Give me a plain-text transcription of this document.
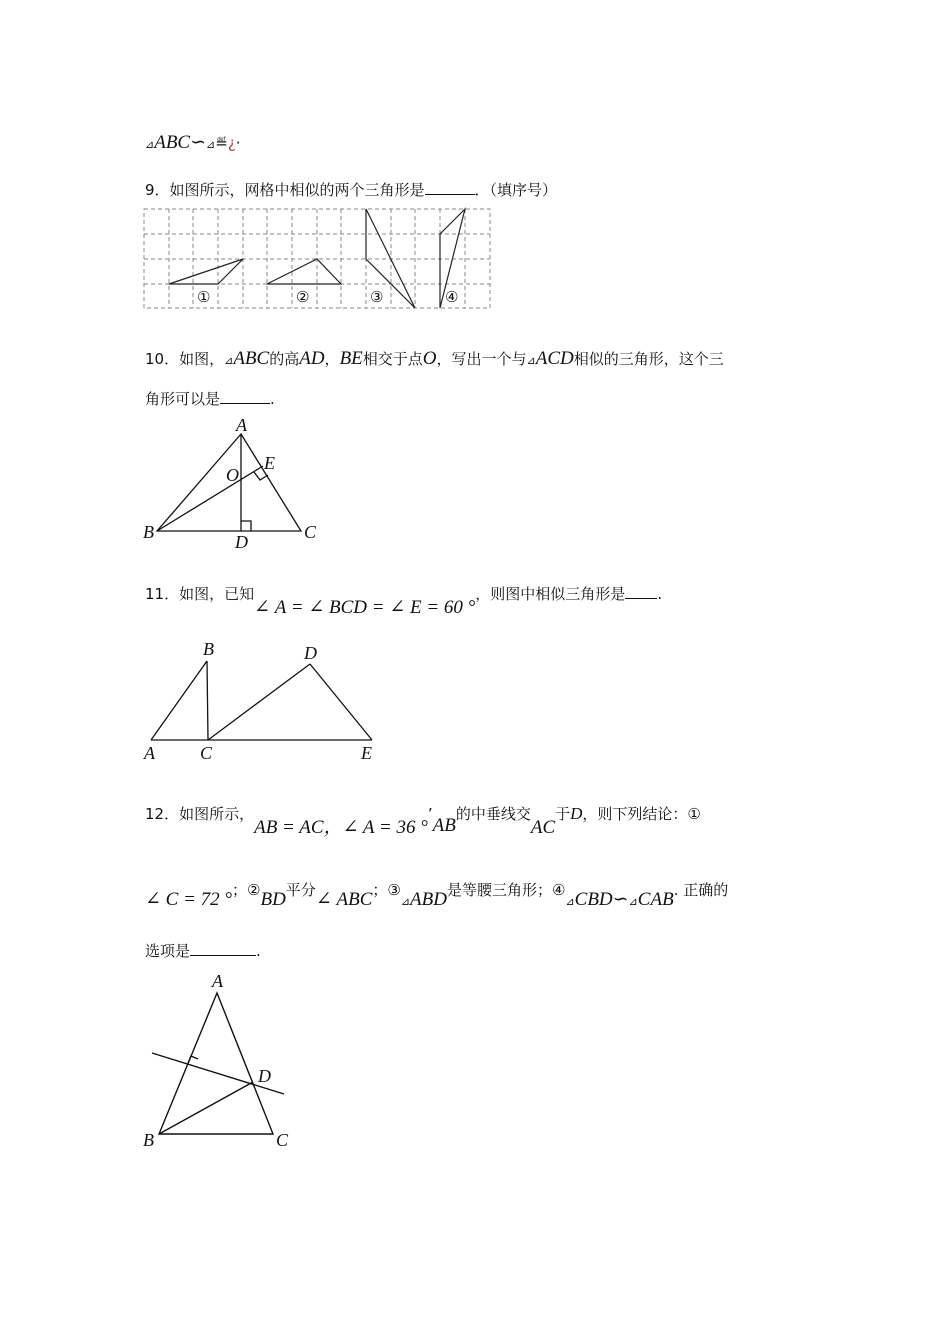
⊿ABC∽⊿≝¿·
9．如图所示，网格中相似的两个三角形是	．（填序号）
①	②	③	④
10．如图，⊿ABC的高AD，BE相交于点O，写出一个与⊿ACD相似的三角形，这个三
角形可以是	.
A
B	C
D
E
O
11．如图，已知∠ A = ∠ BCD = ∠ E = 60 °，则图中相似三角形是 .
A
B
C
D
E
12．如图所示，AB = AC，∠ A = 36 °’AB的中垂线交AC于D，则下列结论：①
∠ C = 72 °；②BD平分∠ ABC；$③_⊿ABD$是等腰三角形；$④_⊿CBD∽_⊿CAB$. 正确的
选项是	.
A
B	C
D
